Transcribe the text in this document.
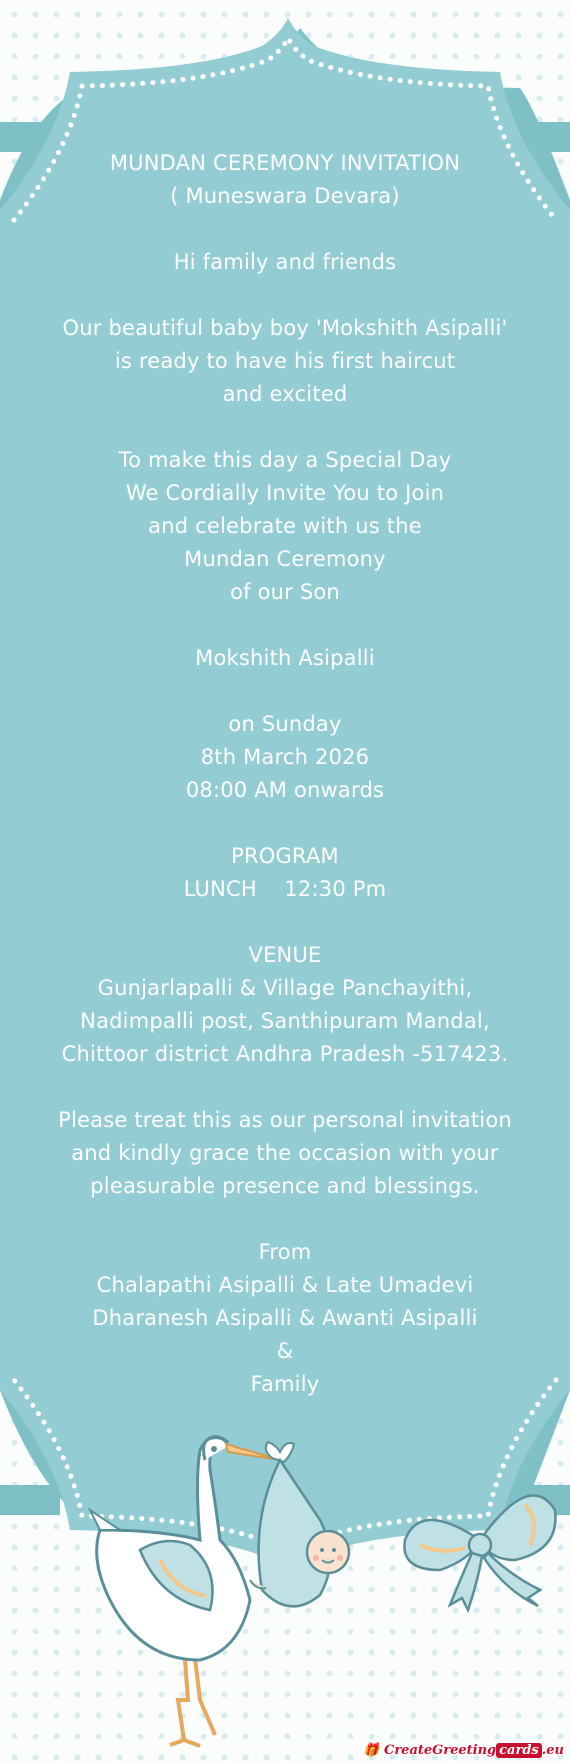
MUNDAN CEREMONY INVITATION
( Muneswara Devara)
Hi family and friends
Our beautiful baby boy 'Mokshith Asipalli'
is ready to have his first haircut
and excited
To make this day a Special Day
We Cordially Invite You to Join
and celebrate with us the
Mundan Ceremony
of our Son
Mokshith Asipalli
on Sunday
8th March 2026
08:00 AM onwards
PROGRAM
LUNCH    12:30 Pm
VENUE
Gunjarlapalli & Village Panchayithi,
Nadimpalli post, Santhipuram Mandal,
Chittoor district Andhra Pradesh -517423.
Please treat this as our personal invitation
and kindly grace the occasion with your
pleasurable presence and blessings.
From
Chalapathi Asipalli & Late Umadevi
Dharanesh Asipalli & Awanti Asipalli
&
Family
🎁 CreateGreeting cards .eu
